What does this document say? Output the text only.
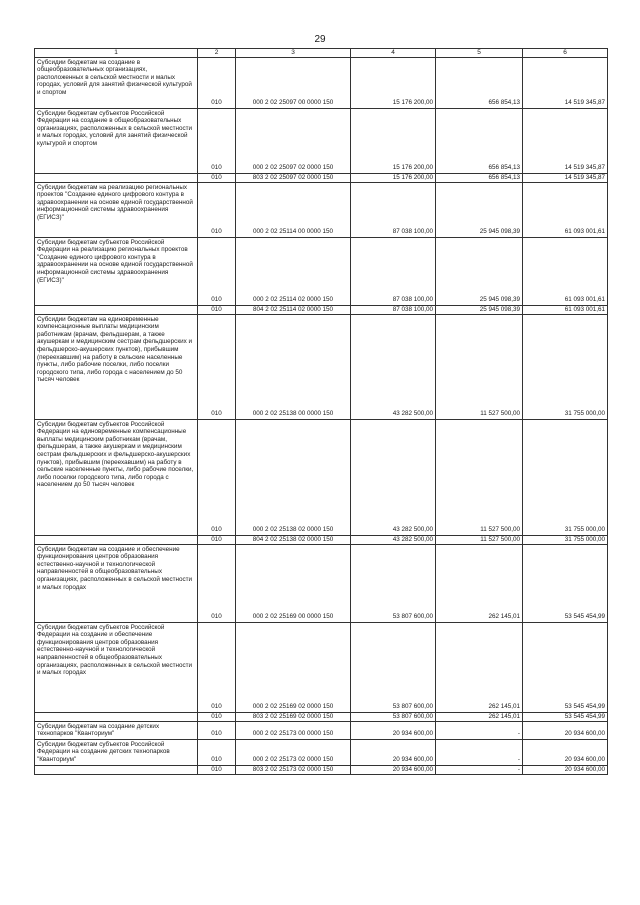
29
1	2	3	4	5	6

Субсидии бюджетам на создание в общеобразовательных организациях, расположенных в сельской местности и малых городах, условий для занятий физической культурой и спортом	010	000 2 02 25097 00 0000 150	15 176 200,00	656 854,13	14 519 345,87

Субсидии бюджетам субъектов Российской Федерации на создание в общеобразовательных организациях, расположенных в сельской местности и малых городах, условий для занятий физической культурой и спортом	010	000 2 02 25097 02 0000 150	15 176 200,00	656 854,13	14 519 345,87
	010	803 2 02 25097 02 0000 150	15 176 200,00	656 854,13	14 519 345,87

Субсидии бюджетам на реализацию региональных проектов "Создание единого цифрового контура в здравоохранении на основе единой государственной информационной системы здравоохранения (ЕГИСЗ)"	010	000 2 02 25114 00 0000 150	87 038 100,00	25 945 098,39	61 093 001,61

Субсидии бюджетам субъектов Российской Федерации на реализацию региональных проектов "Создание единого цифрового контура в здравоохранении на основе единой государственной информационной системы здравоохранения (ЕГИСЗ)"	010	000 2 02 25114 02 0000 150	87 038 100,00	25 945 098,39	61 093 001,61
	010	804 2 02 25114 02 0000 150	87 038 100,00	25 945 098,39	61 093 001,61

Субсидии бюджетам на единовременные компенсационные выплаты медицинским работникам (врачам, фельдшерам, а также акушеркам и медицинским сестрам фельдшерских и фельдшерско-акушерских пунктов), прибывшим (переехавшим) на работу в сельские населенные пункты, либо рабочие поселки, либо поселки городского типа, либо города с населением до 50 тысяч человек	010	000 2 02 25138 00 0000 150	43 282 500,00	11 527 500,00	31 755 000,00

Субсидии бюджетам субъектов Российской Федерации на единовременные компенсационные выплаты медицинским работникам (врачам, фельдшерам, а также акушеркам и медицинским сестрам фельдшерских и фельдшерско-акушерских пунктов), прибывшим (переехавшим) на работу в сельские населенные пункты, либо рабочие поселки, либо поселки городского типа, либо города с населением до 50 тысяч человек	010	000 2 02 25138 02 0000 150	43 282 500,00	11 527 500,00	31 755 000,00
	010	804 2 02 25138 02 0000 150	43 282 500,00	11 527 500,00	31 755 000,00

Субсидии бюджетам на создание и обеспечение функционирования центров образования естественно-научной и технологической направленностей в общеобразовательных организациях, расположенных в сельской местности и малых городах	010	000 2 02 25169 00 0000 150	53 807 600,00	262 145,01	53 545 454,99

Субсидии бюджетам субъектов Российской Федерации на создание и обеспечение функционирования центров образования естественно-научной и технологической направленностей в общеобразовательных организациях, расположенных в сельской местности и малых городах	010	000 2 02 25169 02 0000 150	53 807 600,00	262 145,01	53 545 454,99
	010	803 2 02 25169 02 0000 150	53 807 600,00	262 145,01	53 545 454,99

Субсидии бюджетам на создание детских технопарков "Кванториум"	010	000 2 02 25173 00 0000 150	20 934 600,00	-	20 934 600,00

Субсидии бюджетам субъектов Российской Федерации на создание детских технопарков "Кванториум"	010	000 2 02 25173 02 0000 150	20 934 600,00	-	20 934 600,00
	010	803 2 02 25173 02 0000 150	20 934 600,00	-	20 934 600,00
